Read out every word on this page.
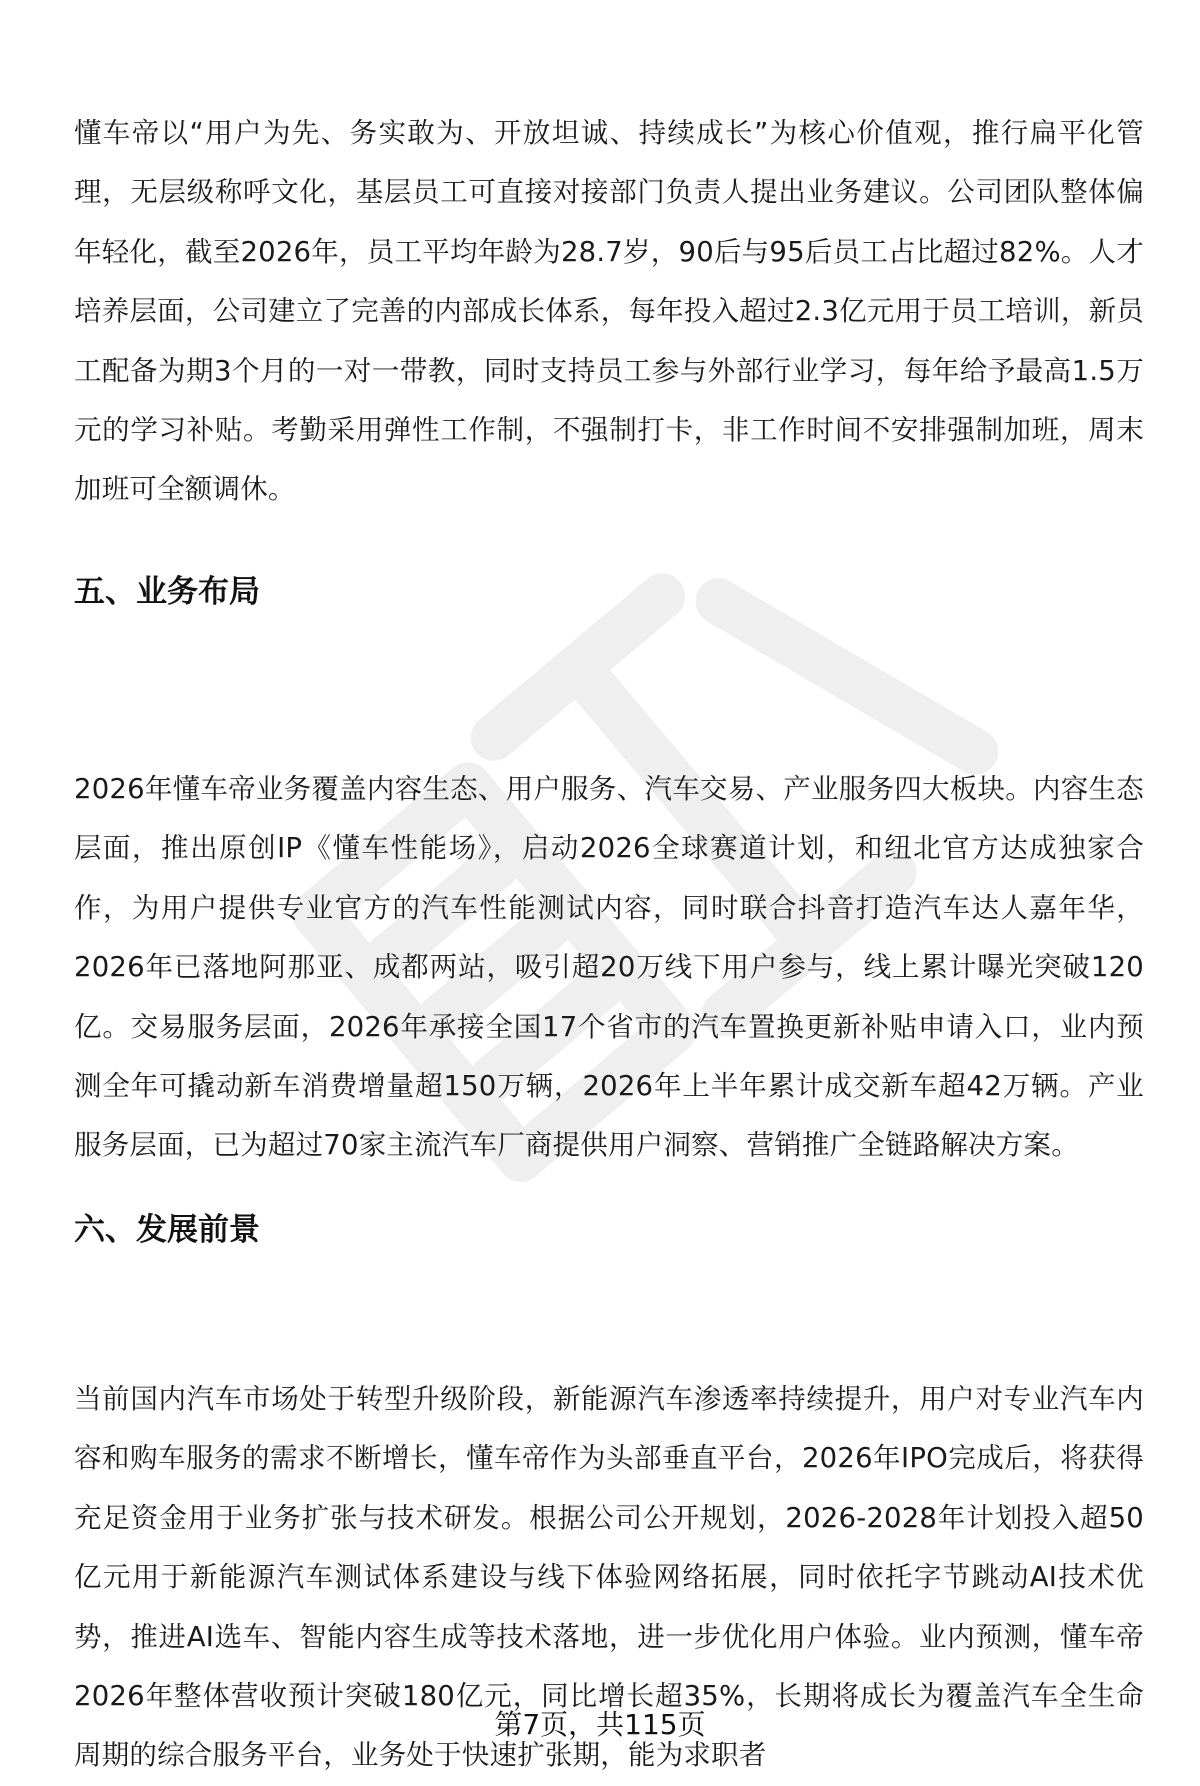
懂车帝以“用户为先、务实敢为、开放坦诚、持续成长”为核心价值观，推行扁平化管理，无层级称呼文化，基层员工可直接对接部门负责人提出业务建议。公司团队整体偏年轻化，截至2026年，员工平均年龄为28.7岁，90后与95后员工占比超过82%。人才培养层面，公司建立了完善的内部成长体系，每年投入超过2.3亿元用于员工培训，新员工配备为期3个月的一对一带教，同时支持员工参与外部行业学习，每年给予最高1.5万元的学习补贴。考勤采用弹性工作制，不强制打卡，非工作时间不安排强制加班，周末加班可全额调休。

五、业务布局

2026年懂车帝业务覆盖内容生态、用户服务、汽车交易、产业服务四大板块。内容生态层面，推出原创IP《懂车性能场》，启动2026全球赛道计划，和纽北官方达成独家合作，为用户提供专业官方的汽车性能测试内容，同时联合抖音打造汽车达人嘉年华，2026年已落地阿那亚、成都两站，吸引超20万线下用户参与，线上累计曝光突破120亿。交易服务层面，2026年承接全国17个省市的汽车置换更新补贴申请入口，业内预测全年可撬动新车消费增量超150万辆，2026年上半年累计成交新车超42万辆。产业服务层面，已为超过70家主流汽车厂商提供用户洞察、营销推广全链路解决方案。

六、发展前景

当前国内汽车市场处于转型升级阶段，新能源汽车渗透率持续提升，用户对专业汽车内容和购车服务的需求不断增长，懂车帝作为头部垂直平台，2026年IPO完成后，将获得充足资金用于业务扩张与技术研发。根据公司公开规划，2026-2028年计划投入超50亿元用于新能源汽车测试体系建设与线下体验网络拓展，同时依托字节跳动AI技术优势，推进AI选车、智能内容生成等技术落地，进一步优化用户体验。业内预测，懂车帝2026年整体营收预计突破180亿元，同比增长超35%，长期将成长为覆盖汽车全生命周期的综合服务平台，业务处于快速扩张期，能为求职者

第7页，共115页
